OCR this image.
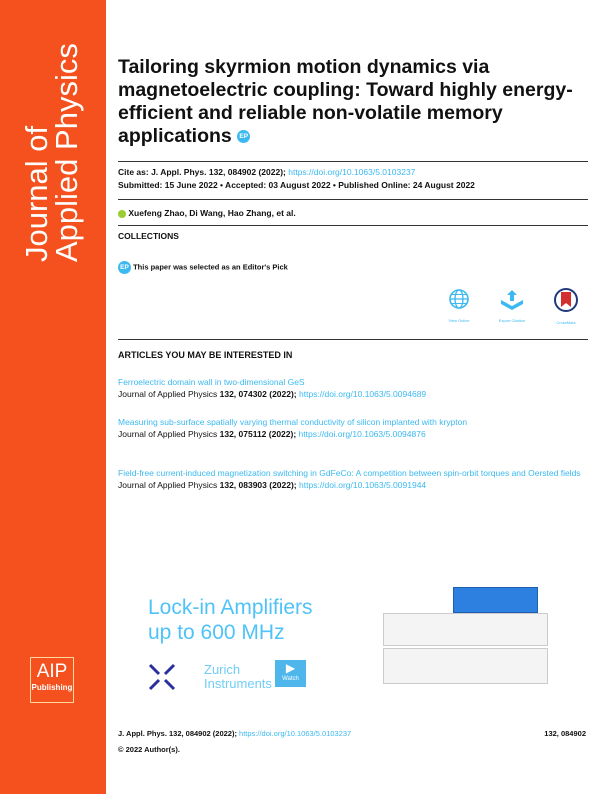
Journal of
Applied Physics
AIP
Publishing
Tailoring skyrmion motion dynamics via magnetoelectric coupling: Toward highly energy-efficient and reliable non-volatile memory applications EP
Cite as: J. Appl. Phys. 132, 084902 (2022); https://doi.org/10.1063/5.0103237
Submitted: 15 June 2022 • Accepted: 03 August 2022 • Published Online: 24 August 2022
Xuefeng Zhao, Di Wang, Hao Zhang, et al.
COLLECTIONS
EP This paper was selected as an Editor's Pick
View Online	Export Citation	CrossMark
ARTICLES YOU MAY BE INTERESTED IN
Ferroelectric domain wall in two-dimensional GeS
Journal of Applied Physics 132, 074302 (2022); https://doi.org/10.1063/5.0094689
Measuring sub-surface spatially varying thermal conductivity of silicon implanted with krypton
Journal of Applied Physics 132, 075112 (2022); https://doi.org/10.1063/5.0094876
Field-free current-induced magnetization switching in GdFeCo: A competition between spin-orbit torques and Oersted fields
Journal of Applied Physics 132, 083903 (2022); https://doi.org/10.1063/5.0091944
Lock-in Amplifiers
up to 600 MHz
Zurich
Instruments
▶
Watch
J. Appl. Phys. 132, 084902 (2022); https://doi.org/10.1063/5.0103237	132, 084902
© 2022 Author(s).
